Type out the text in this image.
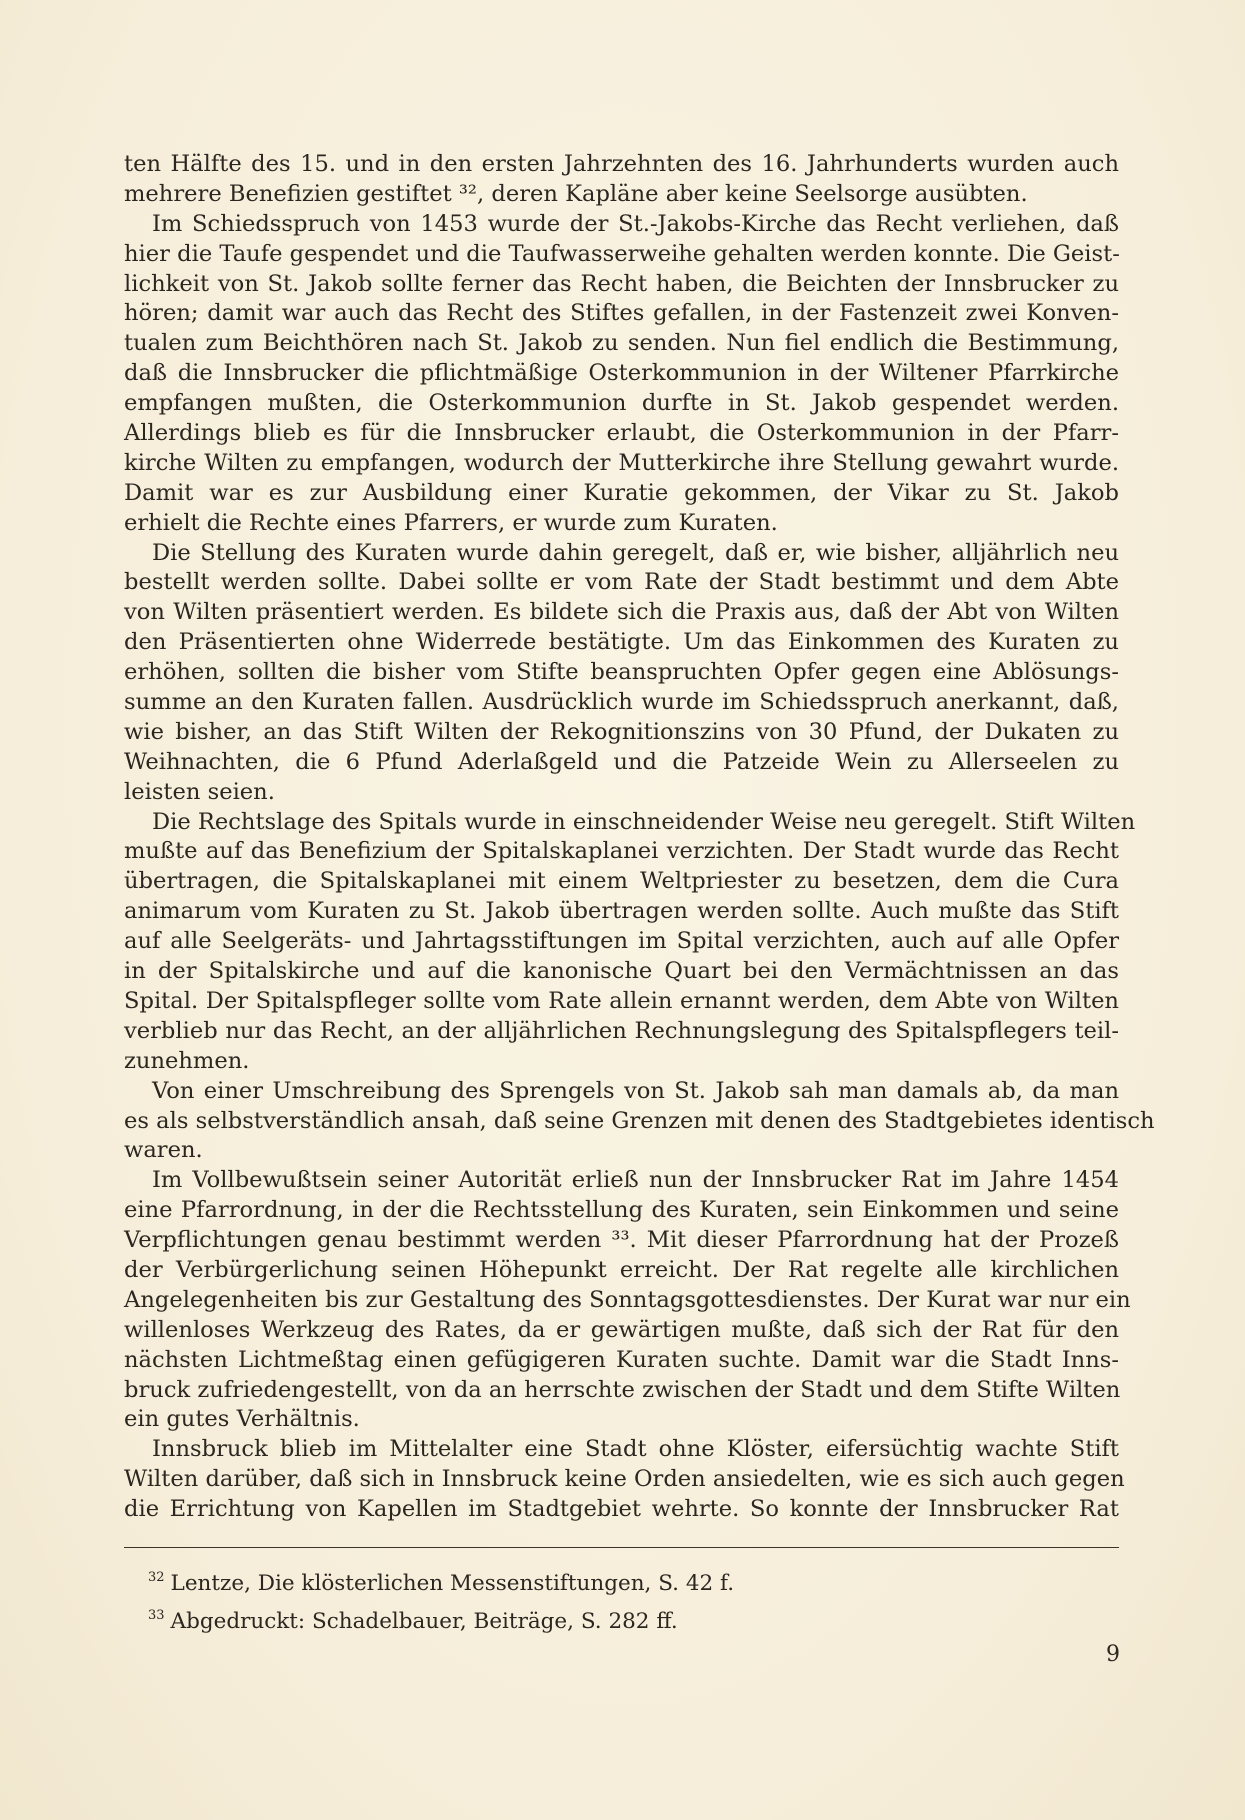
ten Hälfte des 15. und in den ersten Jahrzehnten des 16. Jahrhunderts wurden auch
mehrere Benefizien gestiftet ³², deren Kapläne aber keine Seelsorge ausübten.
Im Schiedsspruch von 1453 wurde der St.-Jakobs-Kirche das Recht verliehen, daß
hier die Taufe gespendet und die Taufwasserweihe gehalten werden konnte. Die Geist-
lichkeit von St. Jakob sollte ferner das Recht haben, die Beichten der Innsbrucker zu
hören; damit war auch das Recht des Stiftes gefallen, in der Fastenzeit zwei Konven-
tualen zum Beichthören nach St. Jakob zu senden. Nun fiel endlich die Bestimmung,
daß die Innsbrucker die pflichtmäßige Osterkommunion in der Wiltener Pfarrkirche
empfangen mußten, die Osterkommunion durfte in St. Jakob gespendet werden.
Allerdings blieb es für die Innsbrucker erlaubt, die Osterkommunion in der Pfarr-
kirche Wilten zu empfangen, wodurch der Mutterkirche ihre Stellung gewahrt wurde.
Damit war es zur Ausbildung einer Kuratie gekommen, der Vikar zu St. Jakob
erhielt die Rechte eines Pfarrers, er wurde zum Kuraten.
Die Stellung des Kuraten wurde dahin geregelt, daß er, wie bisher, alljährlich neu
bestellt werden sollte. Dabei sollte er vom Rate der Stadt bestimmt und dem Abte
von Wilten präsentiert werden. Es bildete sich die Praxis aus, daß der Abt von Wilten
den Präsentierten ohne Widerrede bestätigte. Um das Einkommen des Kuraten zu
erhöhen, sollten die bisher vom Stifte beanspruchten Opfer gegen eine Ablösungs-
summe an den Kuraten fallen. Ausdrücklich wurde im Schiedsspruch anerkannt, daß,
wie bisher, an das Stift Wilten der Rekognitionszins von 30 Pfund, der Dukaten zu
Weihnachten, die 6 Pfund Aderlaßgeld und die Patzeide Wein zu Allerseelen zu
leisten seien.
Die Rechtslage des Spitals wurde in einschneidender Weise neu geregelt. Stift Wilten
mußte auf das Benefizium der Spitalskaplanei verzichten. Der Stadt wurde das Recht
übertragen, die Spitalskaplanei mit einem Weltpriester zu besetzen, dem die Cura
animarum vom Kuraten zu St. Jakob übertragen werden sollte. Auch mußte das Stift
auf alle Seelgeräts- und Jahrtagsstiftungen im Spital verzichten, auch auf alle Opfer
in der Spitalskirche und auf die kanonische Quart bei den Vermächtnissen an das
Spital. Der Spitalspfleger sollte vom Rate allein ernannt werden, dem Abte von Wilten
verblieb nur das Recht, an der alljährlichen Rechnungslegung des Spitalspflegers teil-
zunehmen.
Von einer Umschreibung des Sprengels von St. Jakob sah man damals ab, da man
es als selbstverständlich ansah, daß seine Grenzen mit denen des Stadtgebietes identisch
waren.
Im Vollbewußtsein seiner Autorität erließ nun der Innsbrucker Rat im Jahre 1454
eine Pfarrordnung, in der die Rechtsstellung des Kuraten, sein Einkommen und seine
Verpflichtungen genau bestimmt werden ³³. Mit dieser Pfarrordnung hat der Prozeß
der Verbürgerlichung seinen Höhepunkt erreicht. Der Rat regelte alle kirchlichen
Angelegenheiten bis zur Gestaltung des Sonntagsgottesdienstes. Der Kurat war nur ein
willenloses Werkzeug des Rates, da er gewärtigen mußte, daß sich der Rat für den
nächsten Lichtmeßtag einen gefügigeren Kuraten suchte. Damit war die Stadt Inns-
bruck zufriedengestellt, von da an herrschte zwischen der Stadt und dem Stifte Wilten
ein gutes Verhältnis.
Innsbruck blieb im Mittelalter eine Stadt ohne Klöster, eifersüchtig wachte Stift
Wilten darüber, daß sich in Innsbruck keine Orden ansiedelten, wie es sich auch gegen
die Errichtung von Kapellen im Stadtgebiet wehrte. So konnte der Innsbrucker Rat
$^{32}$ Lentze, Die klösterlichen Messenstiftungen, S. 42 f.
$^{33}$ Abgedruckt: Schadelbauer, Beiträge, S. 282 ff.
9
